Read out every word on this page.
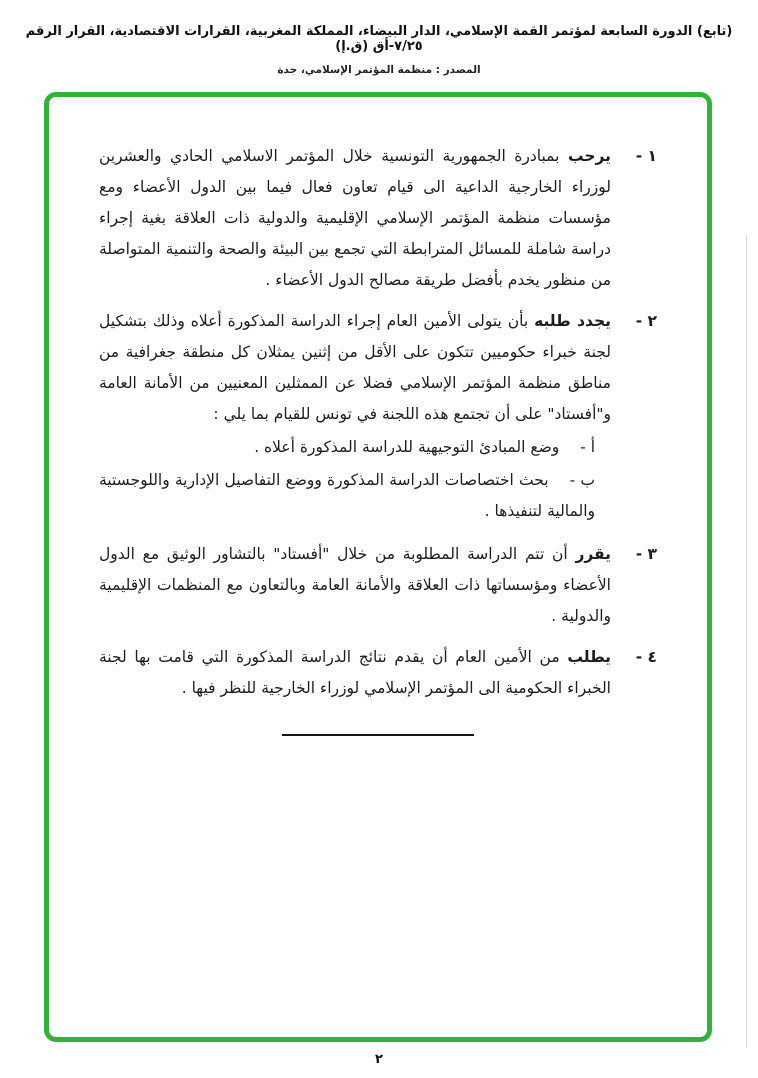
(تابع) الدورة السابعة لمؤتمر القمة الإسلامي، الدار البيضاء، المملكة المغربية، القرارات الاقتصادية، القرار الرقم ٧/٢٥-أق (ق.إ)
المصدر : منظمة المؤتمر الإسلامي، جدة
١ -
يرحب بمبادرة الجمهورية التونسية خلال المؤتمر الاسلامي الحادي والعشرين لوزراء الخارجية الداعية الى قيام تعاون فعال فيما بين الدول الأعضاء ومع مؤسسات منظمة المؤتمر الإسلامي الإقليمية والدولية ذات العلاقة بغية إجراء دراسة شاملة للمسائل المترابطة التي تجمع بين البيئة والصحة والتنمية المتواصلة من منظور يخدم بأفضل طريقة مصالح الدول الأعضاء .
٢ -
يجدد طلبه بأن يتولى الأمين العام إجراء الدراسة المذكورة أعلاه وذلك بتشكيل لجنة خبراء حكوميين تتكون على الأقل من إثنين يمثلان كل منطقة جغرافية من مناطق منظمة المؤتمر الإسلامي فضلا عن الممثلين المعنيين من الأمانة العامة و"أفستاد" على أن تجتمع هذه اللجنة في تونس للقيام بما يلي :
أ - وضع المبادئ التوجيهية للدراسة المذكورة أعلاه .
ب - بحث اختصاصات الدراسة المذكورة ووضع التفاصيل الإدارية واللوجستية والمالية لتنفيذها .
٣ -
يقرر أن تتم الدراسة المطلوبة من خلال "أفستاد" بالتشاور الوثيق مع الدول الأعضاء ومؤسساتها ذات العلاقة والأمانة العامة وبالتعاون مع المنظمات الإقليمية والدولية .
٤ -
يطلب من الأمين العام أن يقدم نتائج الدراسة المذكورة التي قامت بها لجنة الخبراء الحكومية الى المؤتمر الإسلامي لوزراء الخارجية للنظر فيها .
٢
